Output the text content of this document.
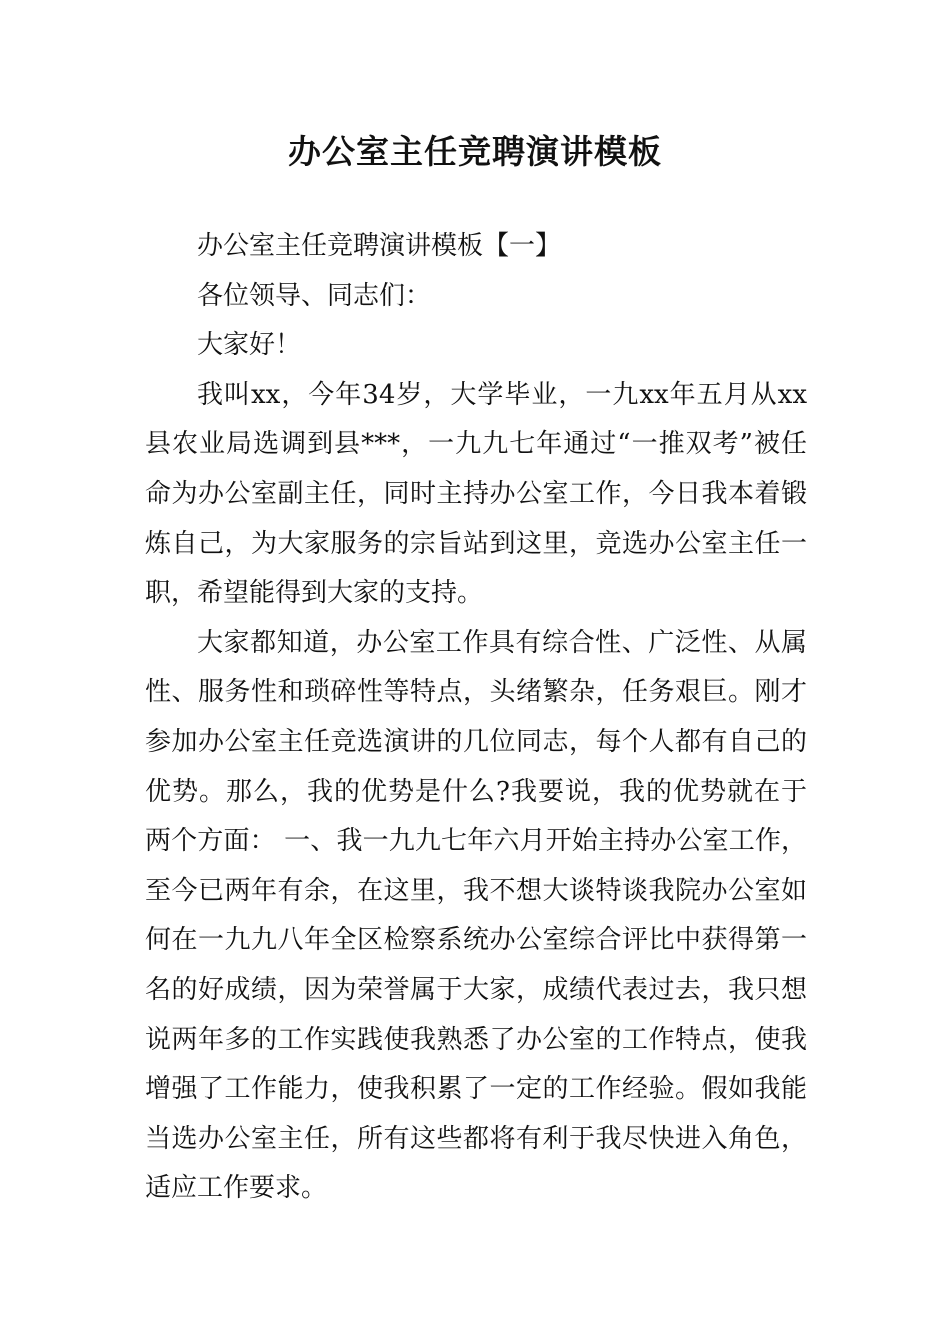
办公室主任竞聘演讲模板

办公室主任竞聘演讲模板【一】

各位领导、同志们：

大家好！

我叫xx，今年34岁，大学毕业，一九xx年五月从xx县农业局选调到县***，一九九七年通过“一推双考”被任命为办公室副主任，同时主持办公室工作，今日我本着锻炼自己，为大家服务的宗旨站到这里，竞选办公室主任一职，希望能得到大家的支持。

大家都知道，办公室工作具有综合性、广泛性、从属性、服务性和琐碎性等特点，头绪繁杂，任务艰巨。刚才参加办公室主任竞选演讲的几位同志，每个人都有自己的优势。那么，我的优势是什么?我要说，我的优势就在于两个方面： 一、我一九九七年六月开始主持办公室工作，至今已两年有余，在这里，我不想大谈特谈我院办公室如何在一九九八年全区检察系统办公室综合评比中获得第一名的好成绩，因为荣誉属于大家，成绩代表过去，我只想说两年多的工作实践使我熟悉了办公室的工作特点，使我增强了工作能力，使我积累了一定的工作经验。假如我能当选办公室主任，所有这些都将有利于我尽快进入角色，适应工作要求。
